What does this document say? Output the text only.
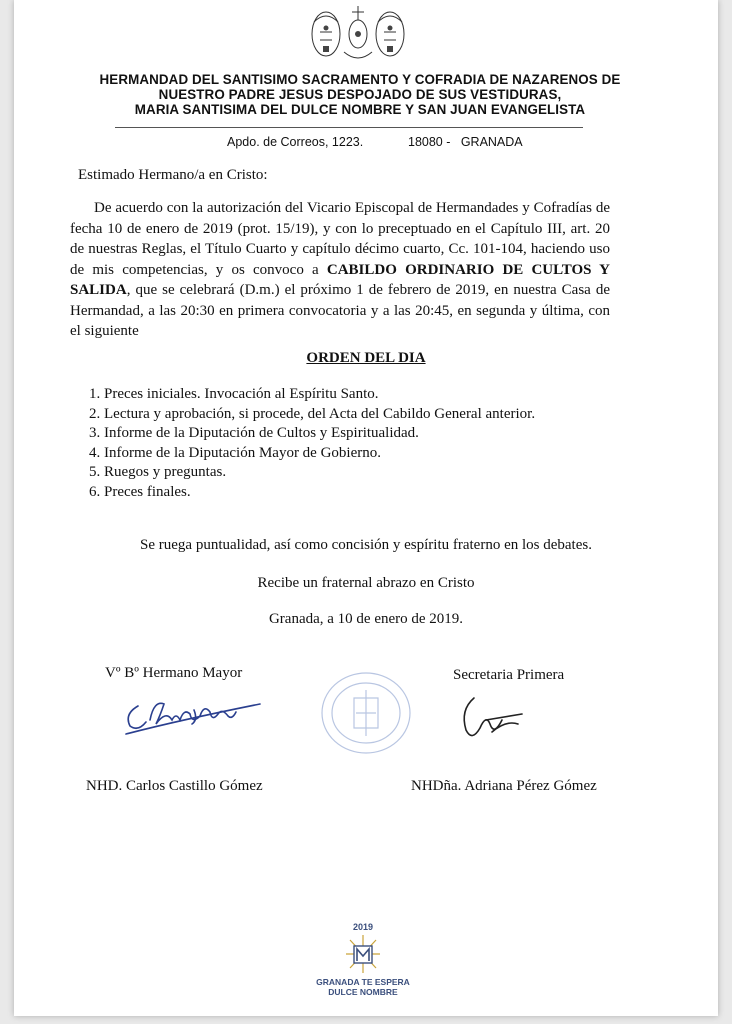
HERMANDAD DEL SANTISIMO SACRAMENTO Y COFRADIA DE NAZARENOS DE
NUESTRO PADRE JESUS DESPOJADO DE SUS VESTIDURAS,
MARIA SANTISIMA DEL DULCE NOMBRE Y SAN JUAN EVANGELISTA
Apdo. de Correos, 1223.	18080 -   GRANADA
Estimado Hermano/a en Cristo:
De acuerdo con la autorización del Vicario Episcopal de Hermandades y Cofradías de fecha 10 de enero de 2019 (prot. 15/19), y con lo preceptuado en el Capítulo III, art. 20 de nuestras Reglas, el Título Cuarto y capítulo décimo cuarto, Cc. 101-104, haciendo uso de mis competencias, y os convoco a CABILDO ORDINARIO DE CULTOS Y SALIDA, que se celebrará (D.m.) el próximo 1 de febrero de 2019, en nuestra Casa de Hermandad, a las 20:30 en primera convocatoria y a las 20:45, en segunda y última, con el siguiente
ORDEN DEL DIA
1. Preces iniciales. Invocación al Espíritu Santo.
2. Lectura y aprobación, si procede, del Acta del Cabildo General anterior.
3. Informe de la Diputación de Cultos y Espiritualidad.
4. Informe de la Diputación Mayor de Gobierno.
5. Ruegos y preguntas.
6. Preces finales.
Se ruega puntualidad, así como concisión y espíritu fraterno en los debates.
Recibe un fraternal abrazo en Cristo
Granada, a 10 de enero de 2019.
Vº Bº Hermano Mayor	Secretaria Primera
NHD. Carlos Castillo Gómez	NHDña. Adriana Pérez Gómez
2019
GRANADA TE ESPERA
DULCE NOMBRE
